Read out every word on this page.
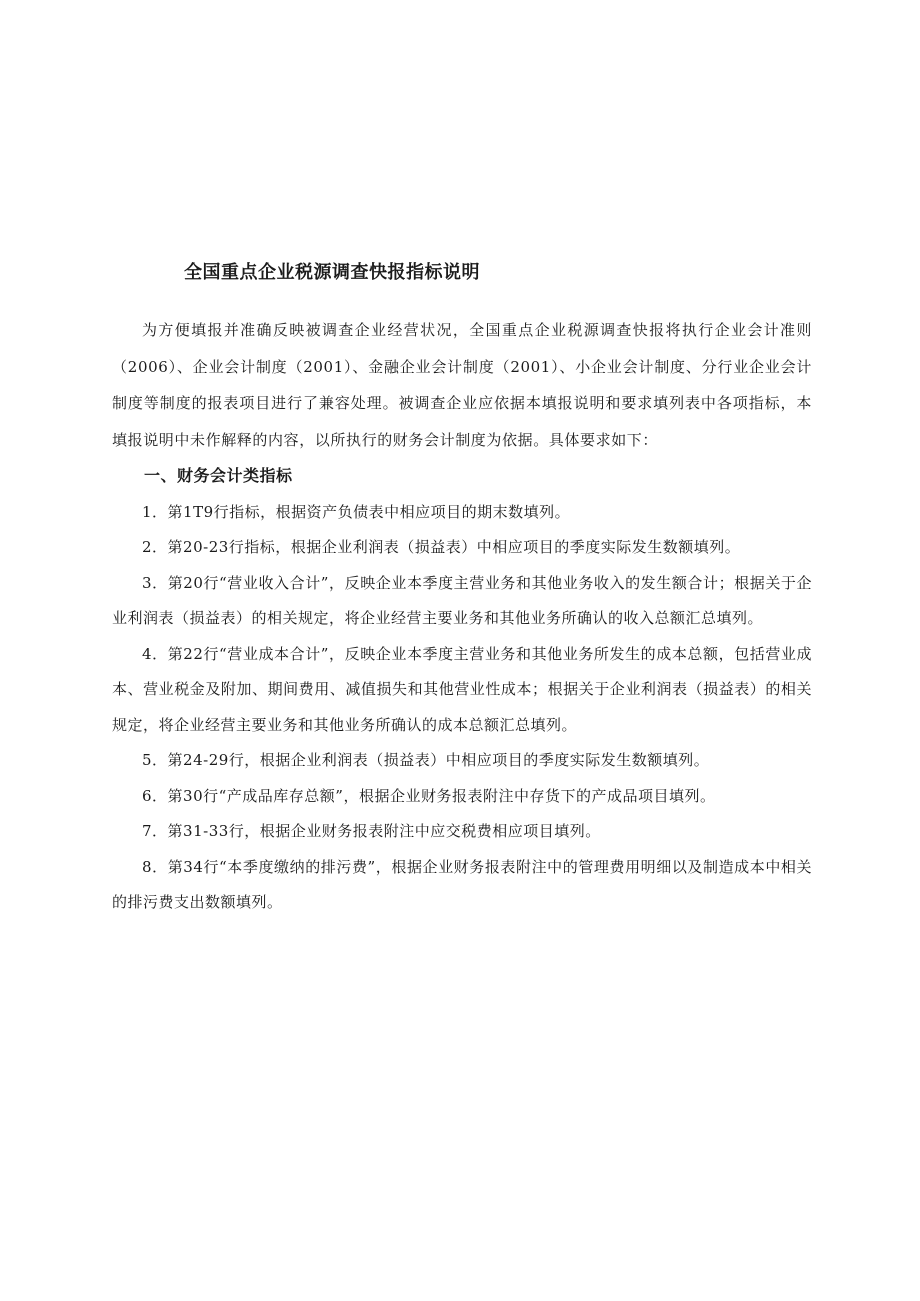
全国重点企业税源调查快报指标说明

为方便填报并准确反映被调查企业经营状况，全国重点企业税源调查快报将执行企业会计准则（2006）、企业会计制度（2001）、金融企业会计制度（2001）、小企业会计制度、分行业企业会计制度等制度的报表项目进行了兼容处理。被调查企业应依据本填报说明和要求填列表中各项指标，本填报说明中未作解释的内容，以所执行的财务会计制度为依据。具体要求如下：

一、财务会计类指标

1．第1T9行指标，根据资产负债表中相应项目的期末数填列。

2．第20-23行指标，根据企业利润表（损益表）中相应项目的季度实际发生数额填列。

3．第20行“营业收入合计”，反映企业本季度主营业务和其他业务收入的发生额合计；根据关于企业利润表（损益表）的相关规定，将企业经营主要业务和其他业务所确认的收入总额汇总填列。

4．第22行“营业成本合计”，反映企业本季度主营业务和其他业务所发生的成本总额，包括营业成本、营业税金及附加、期间费用、减值损失和其他营业性成本；根据关于企业利润表（损益表）的相关规定，将企业经营主要业务和其他业务所确认的成本总额汇总填列。

5．第24-29行，根据企业利润表（损益表）中相应项目的季度实际发生数额填列。

6．第30行“产成品库存总额”，根据企业财务报表附注中存货下的产成品项目填列。

7．第31-33行，根据企业财务报表附注中应交税费相应项目填列。

8．第34行“本季度缴纳的排污费”，根据企业财务报表附注中的管理费用明细以及制造成本中相关的排污费支出数额填列。
